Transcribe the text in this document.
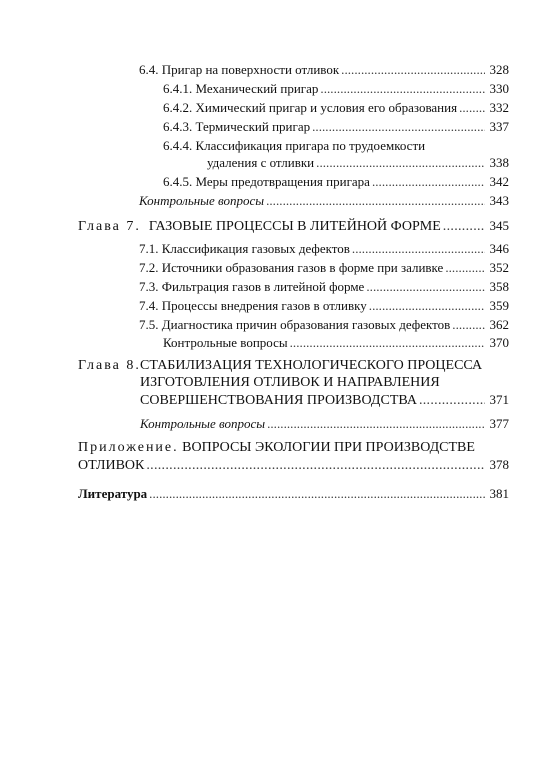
6.4. Пригар на поверхности отливок . . .	328
6.4.1. Механический пригар . . .	330
6.4.2. Химический пригар и условия его образования . . . 332
6.4.3. Термический пригар . . .	337
6.4.4. Классификация пригара по трудоемкости
удаления с отливки . . .	338
6.4.5. Меры предотвращения пригара . . .	342
Контрольные вопросы . . .	343
Глава 7. ГАЗОВЫЕ ПРОЦЕССЫ В ЛИТЕЙНОЙ ФОРМЕ . . .	345
7.1. Классификация газовых дефектов . . .	346
7.2. Источники образования газов в форме при заливке . . .	352
7.3. Фильтрация газов в литейной форме . . .	358
7.4. Процессы внедрения газов в отливку . . .	359
7.5. Диагностика причин образования газовых дефектов . . .	362
Контрольные вопросы . . .	370
Глава 8. СТАБИЛИЗАЦИЯ ТЕХНОЛОГИЧЕСКОГО ПРОЦЕССА
ИЗГОТОВЛЕНИЯ ОТЛИВОК И НАПРАВЛЕНИЯ
СОВЕРШЕНСТВОВАНИЯ ПРОИЗВОДСТВА . . .	371
Контрольные вопросы . . .	377
Приложение. ВОПРОСЫ ЭКОЛОГИИ ПРИ ПРОИЗВОДСТВЕ
ОТЛИВОК . . .	378
Литература . . .	381
